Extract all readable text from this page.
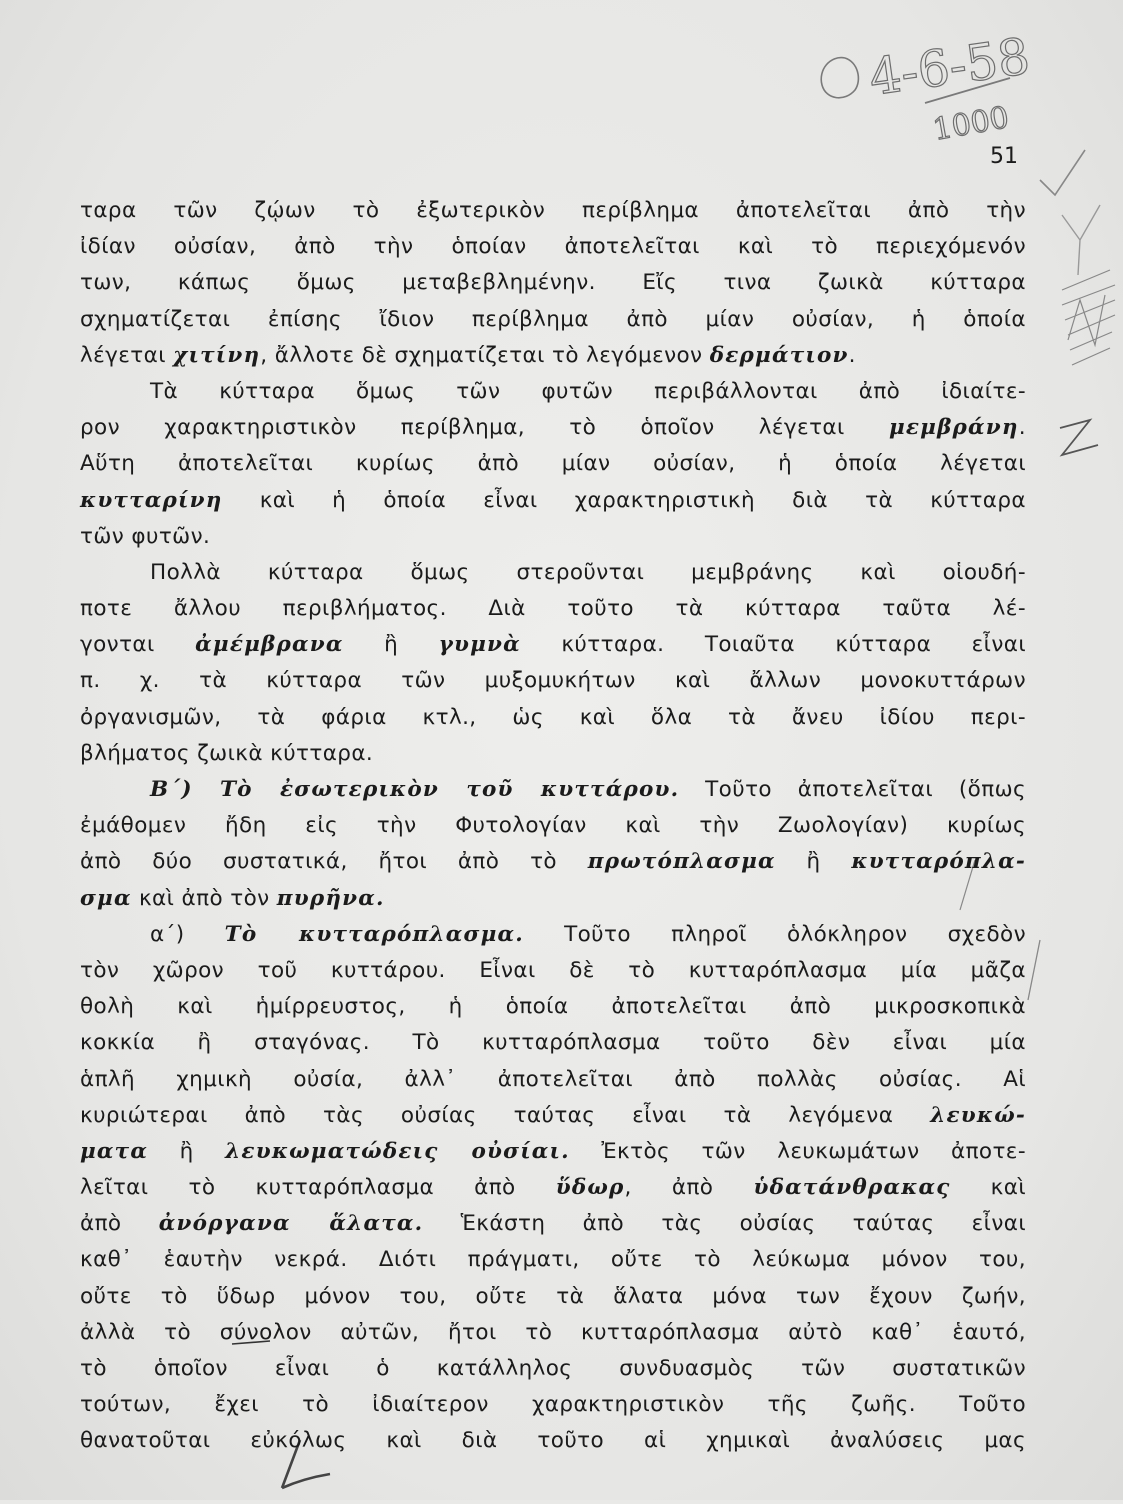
51
4-6-58
1000
ταρα τῶν ζῴων τὸ ἐξωτερικὸν περίβλημα ἀποτελεῖται ἀπὸ τὴν
ἰδίαν οὐσίαν, ἀπὸ τὴν ὁποίαν ἀποτελεῖται καὶ τὸ περιεχόμενόν
των, κάπως ὅμως μεταβεβλημένην. Εἴς τινα ζωικὰ κύτταρα
σχηματίζεται ἐπίσης ἴδιον περίβλημα ἀπὸ μίαν οὐσίαν, ἡ ὁποία
λέγεται χιτίνη, ἄλλοτε δὲ σχηματίζεται τὸ λεγόμενον δερμάτιον.
Τὰ κύτταρα ὅμως τῶν φυτῶν περιβάλλονται ἀπὸ ἰδιαίτε-
ρον χαρακτηριστικὸν περίβλημα, τὸ ὁποῖον λέγεται μεμβράνη.
Αὕτη ἀποτελεῖται κυρίως ἀπὸ μίαν οὐσίαν, ἡ ὁποία λέγεται
κυτταρίνη καὶ ἡ ὁποία εἶναι χαρακτηριστικὴ διὰ τὰ κύτταρα
τῶν φυτῶν.
Πολλὰ κύτταρα ὅμως στεροῦνται μεμβράνης καὶ οἱουδή-
ποτε ἄλλου περιβλήματος. Διὰ τοῦτο τὰ κύτταρα ταῦτα λέ-
γονται ἀμέμβρανα ἢ γυμνὰ κύτταρα. Τοιαῦτα κύτταρα εἶναι
π. χ. τὰ κύτταρα τῶν μυξομυκήτων καὶ ἄλλων μονοκυττάρων
ὀργανισμῶν, τὰ φάρια κτλ., ὡς καὶ ὅλα τὰ ἄνευ ἰδίου περι-
βλήματος ζωικὰ κύτταρα.
Β΄) Τὸ ἐσωτερικὸν τοῦ κυττάρου. Τοῦτο ἀποτελεῖται (ὅπως
ἐμάθομεν ἤδη εἰς τὴν Φυτολογίαν καὶ τὴν Ζωολογίαν) κυρίως
ἀπὸ δύο συστατικά, ἤτοι ἀπὸ τὸ πρωτόπλασμα ἢ κυτταρόπλα-
σμα καὶ ἀπὸ τὸν πυρῆνα.
α΄) Τὸ κυτταρόπλασμα. Τοῦτο πληροῖ ὁλόκληρον σχεδὸν
τὸν χῶρον τοῦ κυττάρου. Εἶναι δὲ τὸ κυτταρόπλασμα μία μᾶζα
θολὴ καὶ ἡμίρρευστος, ἡ ὁποία ἀποτελεῖται ἀπὸ μικροσκοπικὰ
κοκκία ἢ σταγόνας. Τὸ κυτταρόπλασμα τοῦτο δὲν εἶναι μία
ἁπλῆ χημικὴ οὐσία, ἀλλ᾽ ἀποτελεῖται ἀπὸ πολλὰς οὐσίας. Αἱ
κυριώτεραι ἀπὸ τὰς οὐσίας ταύτας εἶναι τὰ λεγόμενα λευκώ-
ματα ἢ λευκωματώδεις οὐσίαι. Ἐκτὸς τῶν λευκωμάτων ἀποτε-
λεῖται τὸ κυτταρόπλασμα ἀπὸ ὕδωρ, ἀπὸ ὑδατάνθρακας καὶ
ἀπὸ ἀνόργανα ἅλατα. Ἑκάστη ἀπὸ τὰς οὐσίας ταύτας εἶναι
καθ᾽ ἑαυτὴν νεκρά. Διότι πράγματι, οὔτε τὸ λεύκωμα μόνον του,
οὔτε τὸ ὕδωρ μόνον του, οὔτε τὰ ἅλατα μόνα των ἔχουν ζωήν,
ἀλλὰ τὸ σύνολον αὐτῶν, ἤτοι τὸ κυτταρόπλασμα αὐτὸ καθ᾽ ἑαυτό,
τὸ ὁποῖον εἶναι ὁ κατάλληλος συνδυασμὸς τῶν συστατικῶν
τούτων, ἔχει τὸ ἰδιαίτερον χαρακτηριστικὸν τῆς ζωῆς. Τοῦτο
θανατοῦται εὐκόλως καὶ διὰ τοῦτο αἱ χημικαὶ ἀναλύσεις μας
